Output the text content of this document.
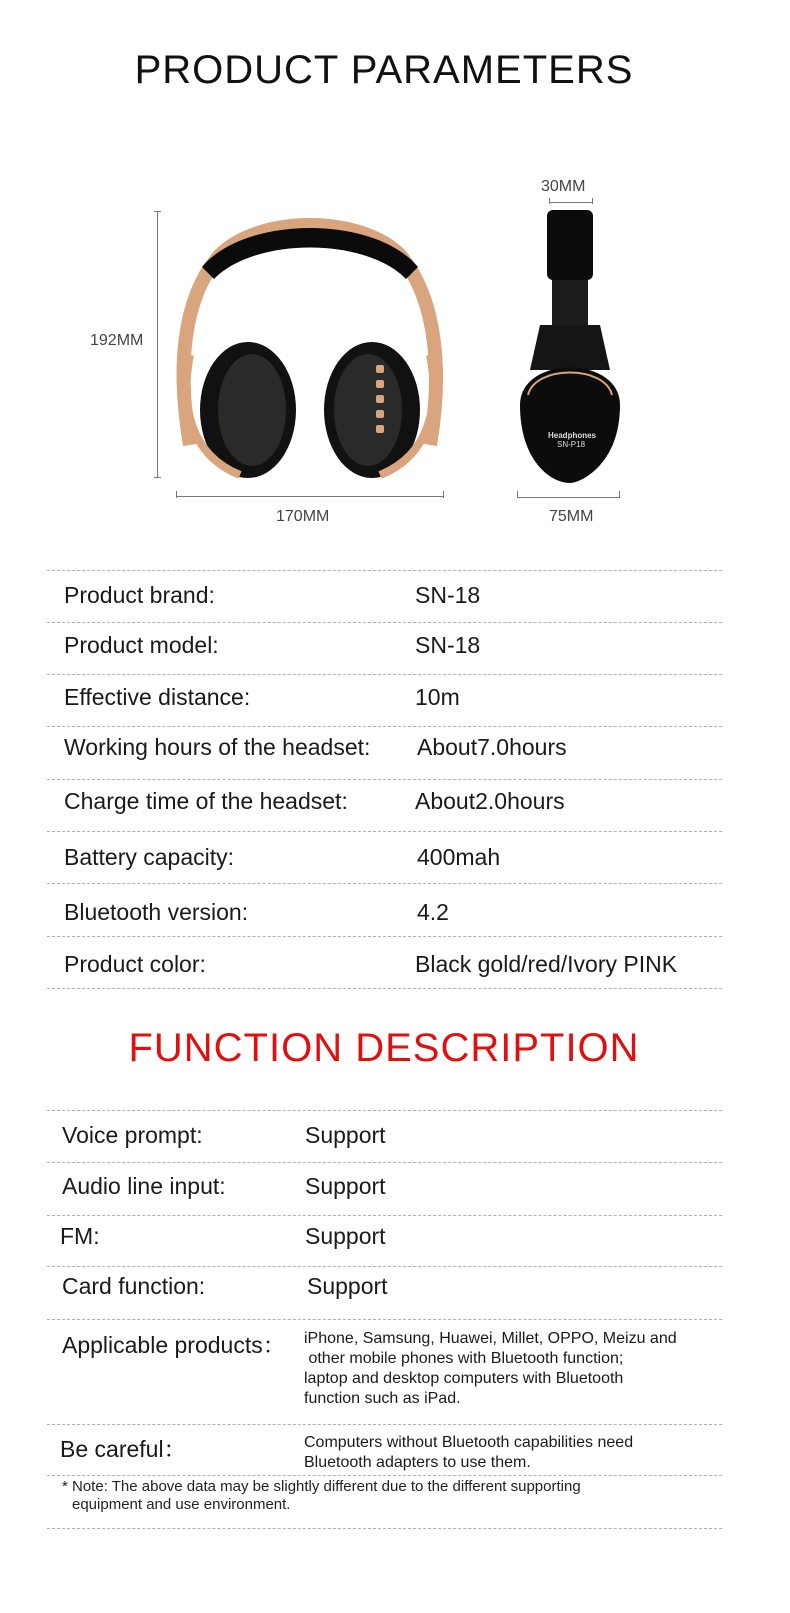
PRODUCT PARAMETERS
192MM
170MM
30MM
75MM
Headphones
SN-P18
Product brand:	SN-18
Product model:	SN-18
Effective distance:	10m
Working hours of the headset: About7.0hours
Charge time of the headset:	About2.0hours
Battery capacity:	400mah
Bluetooth version:	4.2
Product color:	Black gold/red/Ivory PINK
FUNCTION DESCRIPTION
Voice prompt:	Support
Audio line input:	Support
FM:	Support
Card function:	Support
Applicable products： iPhone, Samsung, Huawei, Millet, OPPO, Meizu and
other mobile phones with Bluetooth function;
laptop and desktop computers with Bluetooth
function such as iPad.
Be careful：	Computers without Bluetooth capabilities need
Bluetooth adapters to use them.
* Note: The above data may be slightly different due to the different supporting
equipment and use environment.
